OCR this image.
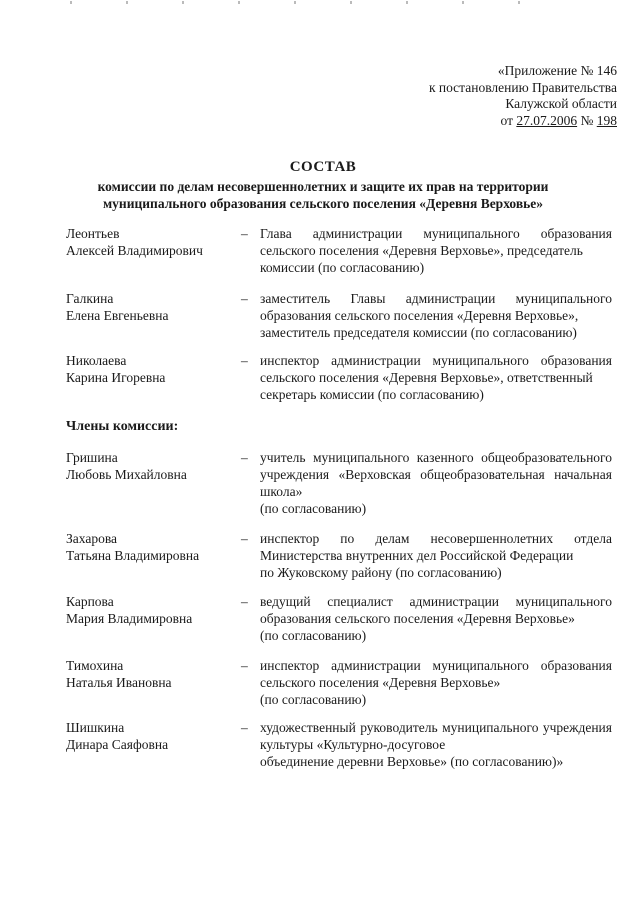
«Приложение № 146
к постановлению Правительства
Калужской области
от 27.07.2006 № 198
СОСТАВ
комиссии по делам несовершеннолетних и защите их прав на территории
муниципального образования сельского поселения «Деревня Верховье»
Леонтьев
Алексей Владимирович
– Глава администрации муниципального образования сельского поселения «Деревня Верховье», председатель
комиссии (по согласованию)
Галкина
Елена Евгеньевна
– заместитель Главы администрации муниципального образования сельского поселения «Деревня Верховье»,
заместитель председателя комиссии (по согласованию)
Николаева
Карина Игоревна
– инспектор администрации муниципального образования сельского поселения «Деревня Верховье», ответственный
секретарь комиссии (по согласованию)
Члены комиссии:
Гришина
Любовь Михайловна
– учитель муниципального казенного общеобразовательного учреждения «Верховская общеобразовательная начальная школа»
(по согласованию)
Захарова
Татьяна Владимировна
– инспектор по делам несовершеннолетних отдела Министерства внутренних дел Российской Федерации
по Жуковскому району (по согласованию)
Карпова
Мария Владимировна
– ведущий специалист администрации муниципального образования сельского поселения «Деревня Верховье»
(по согласованию)
Тимохина
Наталья Ивановна
– инспектор администрации муниципального образования сельского поселения «Деревня Верховье»
(по согласованию)
Шишкина
Динара Саяфовна
– художественный руководитель муниципального учреждения культуры «Культурно-досуговое
объединение деревни Верховье» (по согласованию)»
